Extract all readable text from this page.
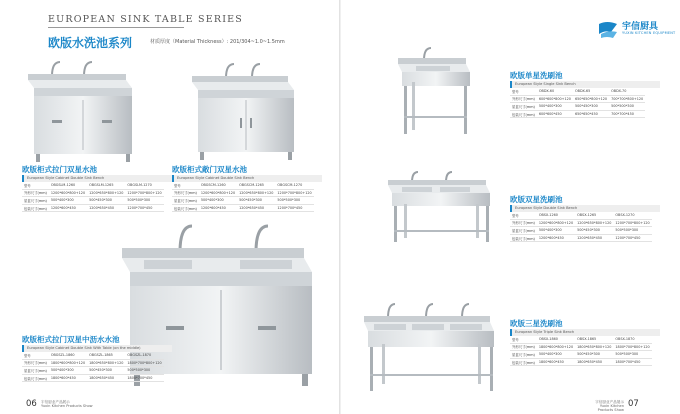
EUROPEAN SINK TABLE SERIES
欧版水洗池系列	材质厚度（Material Thickness）: 201/304~1.0~1.5mm
宇信厨具
YUXIN KITCHEN EQUIPMENT
欧版柜式拉门双星水池
European Style Cabinet Double Sink Bench
型号	OBGSLM-1260	OBGSLM-1265	OBGSLM-1270
外形尺寸(mm)	1200*600*800+120	1200*650*800+120	1200*700*800+120
星盆尺寸(mm)	500*400*300	500*450*300	500*500*300
包装尺寸(mm)	1200*600*450	1200*650*450	1200*700*450
欧版柜式敞门双星水池
European Style Cabinet Double Sink Bench
型号	OBGSCM-1260	OBGSCM-1265	OBGSCM-1270
外形尺寸(mm)	1200*600*800+120	1200*650*800+120	1200*700*800+120
星盆尺寸(mm)	500*400*300	500*450*300	500*500*300
包装尺寸(mm)	1200*600*450	1200*650*450	1200*700*450
欧版柜式拉门双星中沥水水池
European Style Cabinet Double Sink With Table (on the middle)
型号	OBGSZL-1860	OBGSZL-1865	OBGSZL-1870
外形尺寸(mm)	1800*600*800+120	1800*650*800+120	1800*700*800+120
星盆尺寸(mm)	500*400*300	500*450*300	500*500*300
包装尺寸(mm)	1800*600*450	1800*650*450	1800*700*450
欧版单星洗刷池
European Style Single Sink Bench
型号	OBDX-60	OBDX-65	OBDX-70
外形尺寸(mm)	600*600*800+120	650*650*800+120	700*700*800+120
星盆尺寸(mm)	500*400*300	500*450*300	500*500*300
包装尺寸(mm)	600*600*450	650*650*450	700*700*450
欧版双星洗刷池
European Style Double Sink Bench
型号	OBSX-1260	OBSX-1265	OBSX-1270
外形尺寸(mm)	1200*600*800+120	1200*650*800+120	1200*700*800+120
星盆尺寸(mm)	500*400*300	500*450*300	500*500*300
包装尺寸(mm)	1200*600*450	1200*650*450	1200*700*450
欧版三星洗刷池
European Style Triple Sink Bench
型号	OBSX-1860	OBSX-1865	OBSX-1870
外形尺寸(mm)	1800*600*800+120	1800*650*800+120	1800*700*800+120
星盆尺寸(mm)	500*400*300	500*450*300	500*500*300
包装尺寸(mm)	1800*600*450	1800*650*450	1800*700*450
06 宇信厨业产品展示
Yuxin Kitchen Products Show
宇信厨业产品展示
Yuxin Kitchen Products Show
07
